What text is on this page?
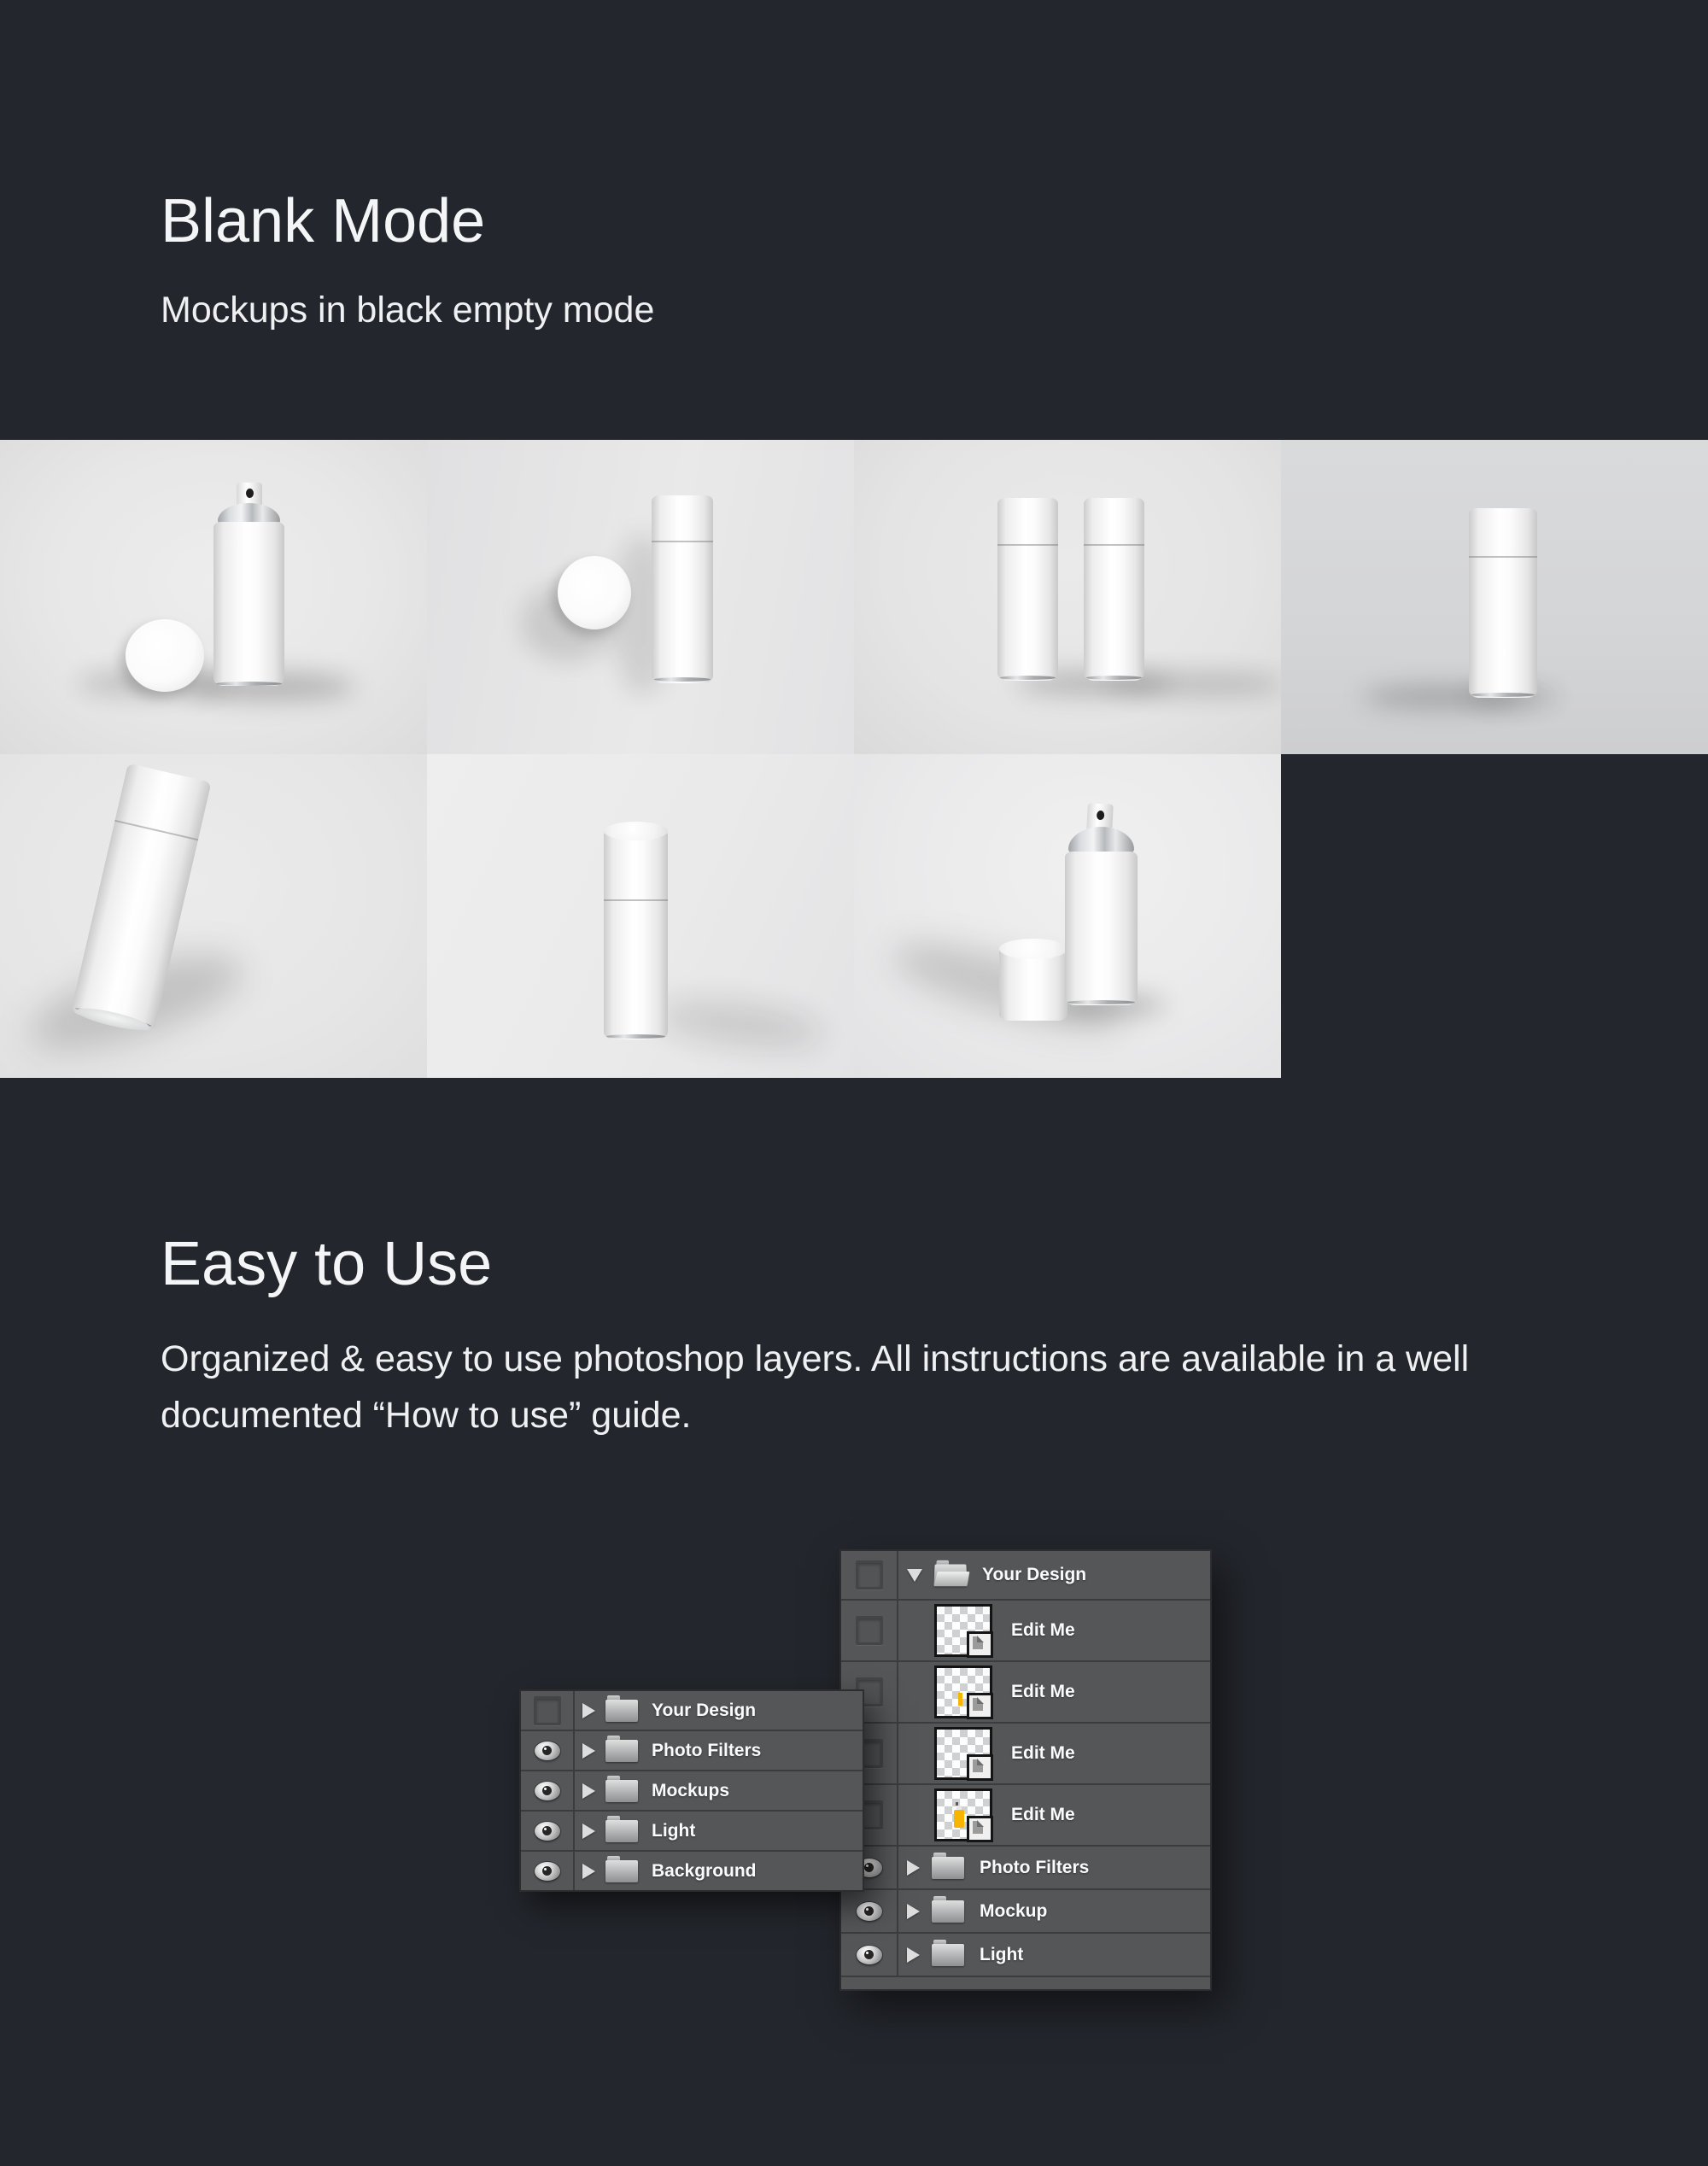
Blank Mode

Mockups in black empty mode

Easy to Use

Organized & easy to use photoshop layers. All instructions are available in a well
documented “How to use” guide.

Your Design
Edit Me
Edit Me
Edit Me
Edit Me
Photo Filters
Mockup
Light
Your Design
Photo Filters
Mockups
Light
Background
